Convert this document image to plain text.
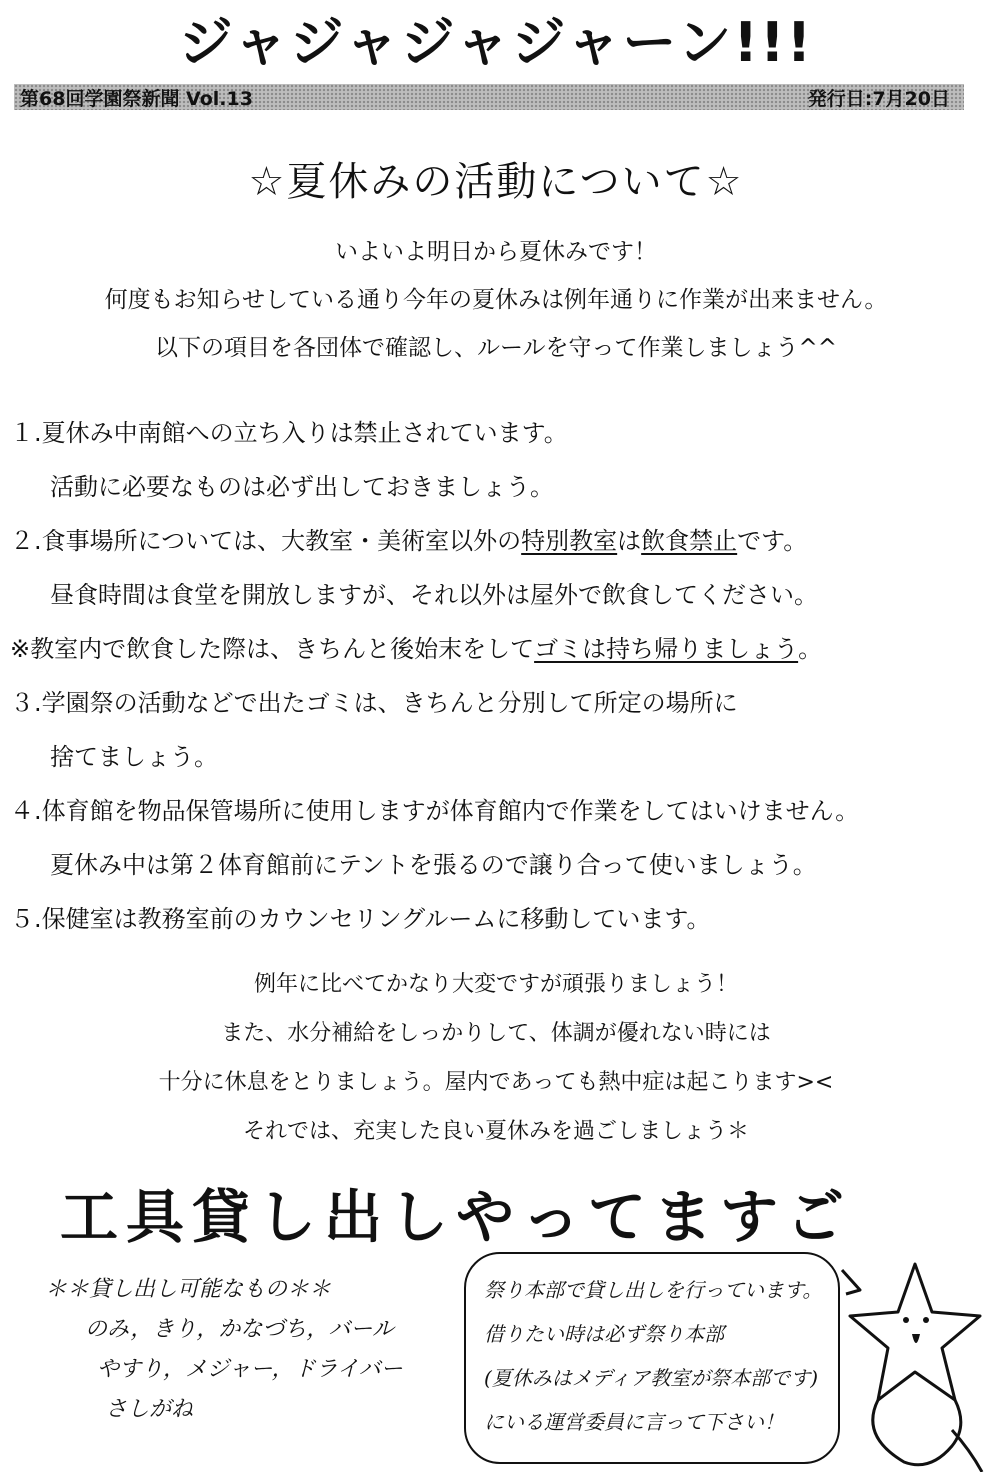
ジャジャジャジャーン!!!
第68回学園祭新聞 Vol.13	発行日:7月20日
☆夏休みの活動について☆
いよいよ明日から夏休みです！
何度もお知らせしている通り今年の夏休みは例年通りに作業が出来ません。
以下の項目を各団体で確認し、ルールを守って作業しましょう^^
１.夏休み中南館への立ち入りは禁止されています。
活動に必要なものは必ず出しておきましょう。
２.食事場所については、大教室・美術室以外の特別教室は飲食禁止です。
昼食時間は食堂を開放しますが、それ以外は屋外で飲食してください。
※教室内で飲食した際は、きちんと後始末をしてゴミは持ち帰りましょう。
３.学園祭の活動などで出たゴミは、きちんと分別して所定の場所に
捨てましょう。
４.体育館を物品保管場所に使用しますが体育館内で作業をしてはいけません。
夏休み中は第２体育館前にテントを張るので譲り合って使いましょう。
５.保健室は教務室前のカウンセリングルームに移動しています。
例年に比べてかなり大変ですが頑張りましょう！
また、水分補給をしっかりして、体調が優れない時には
十分に休息をとりましょう。屋内であっても熱中症は起こります><
それでは、充実した良い夏休みを過ごしましょう＊
工具貸し出しやってますご
＊＊貸し出し可能なもの＊＊
のみ，きり，かなづち，バール
やすり，メジャー，ドライバー
さしがね
祭り本部で貸し出しを行っています。
借りたい時は必ず祭り本部
(夏休みはメディア教室が祭本部です)
にいる運営委員に言って下さい！
